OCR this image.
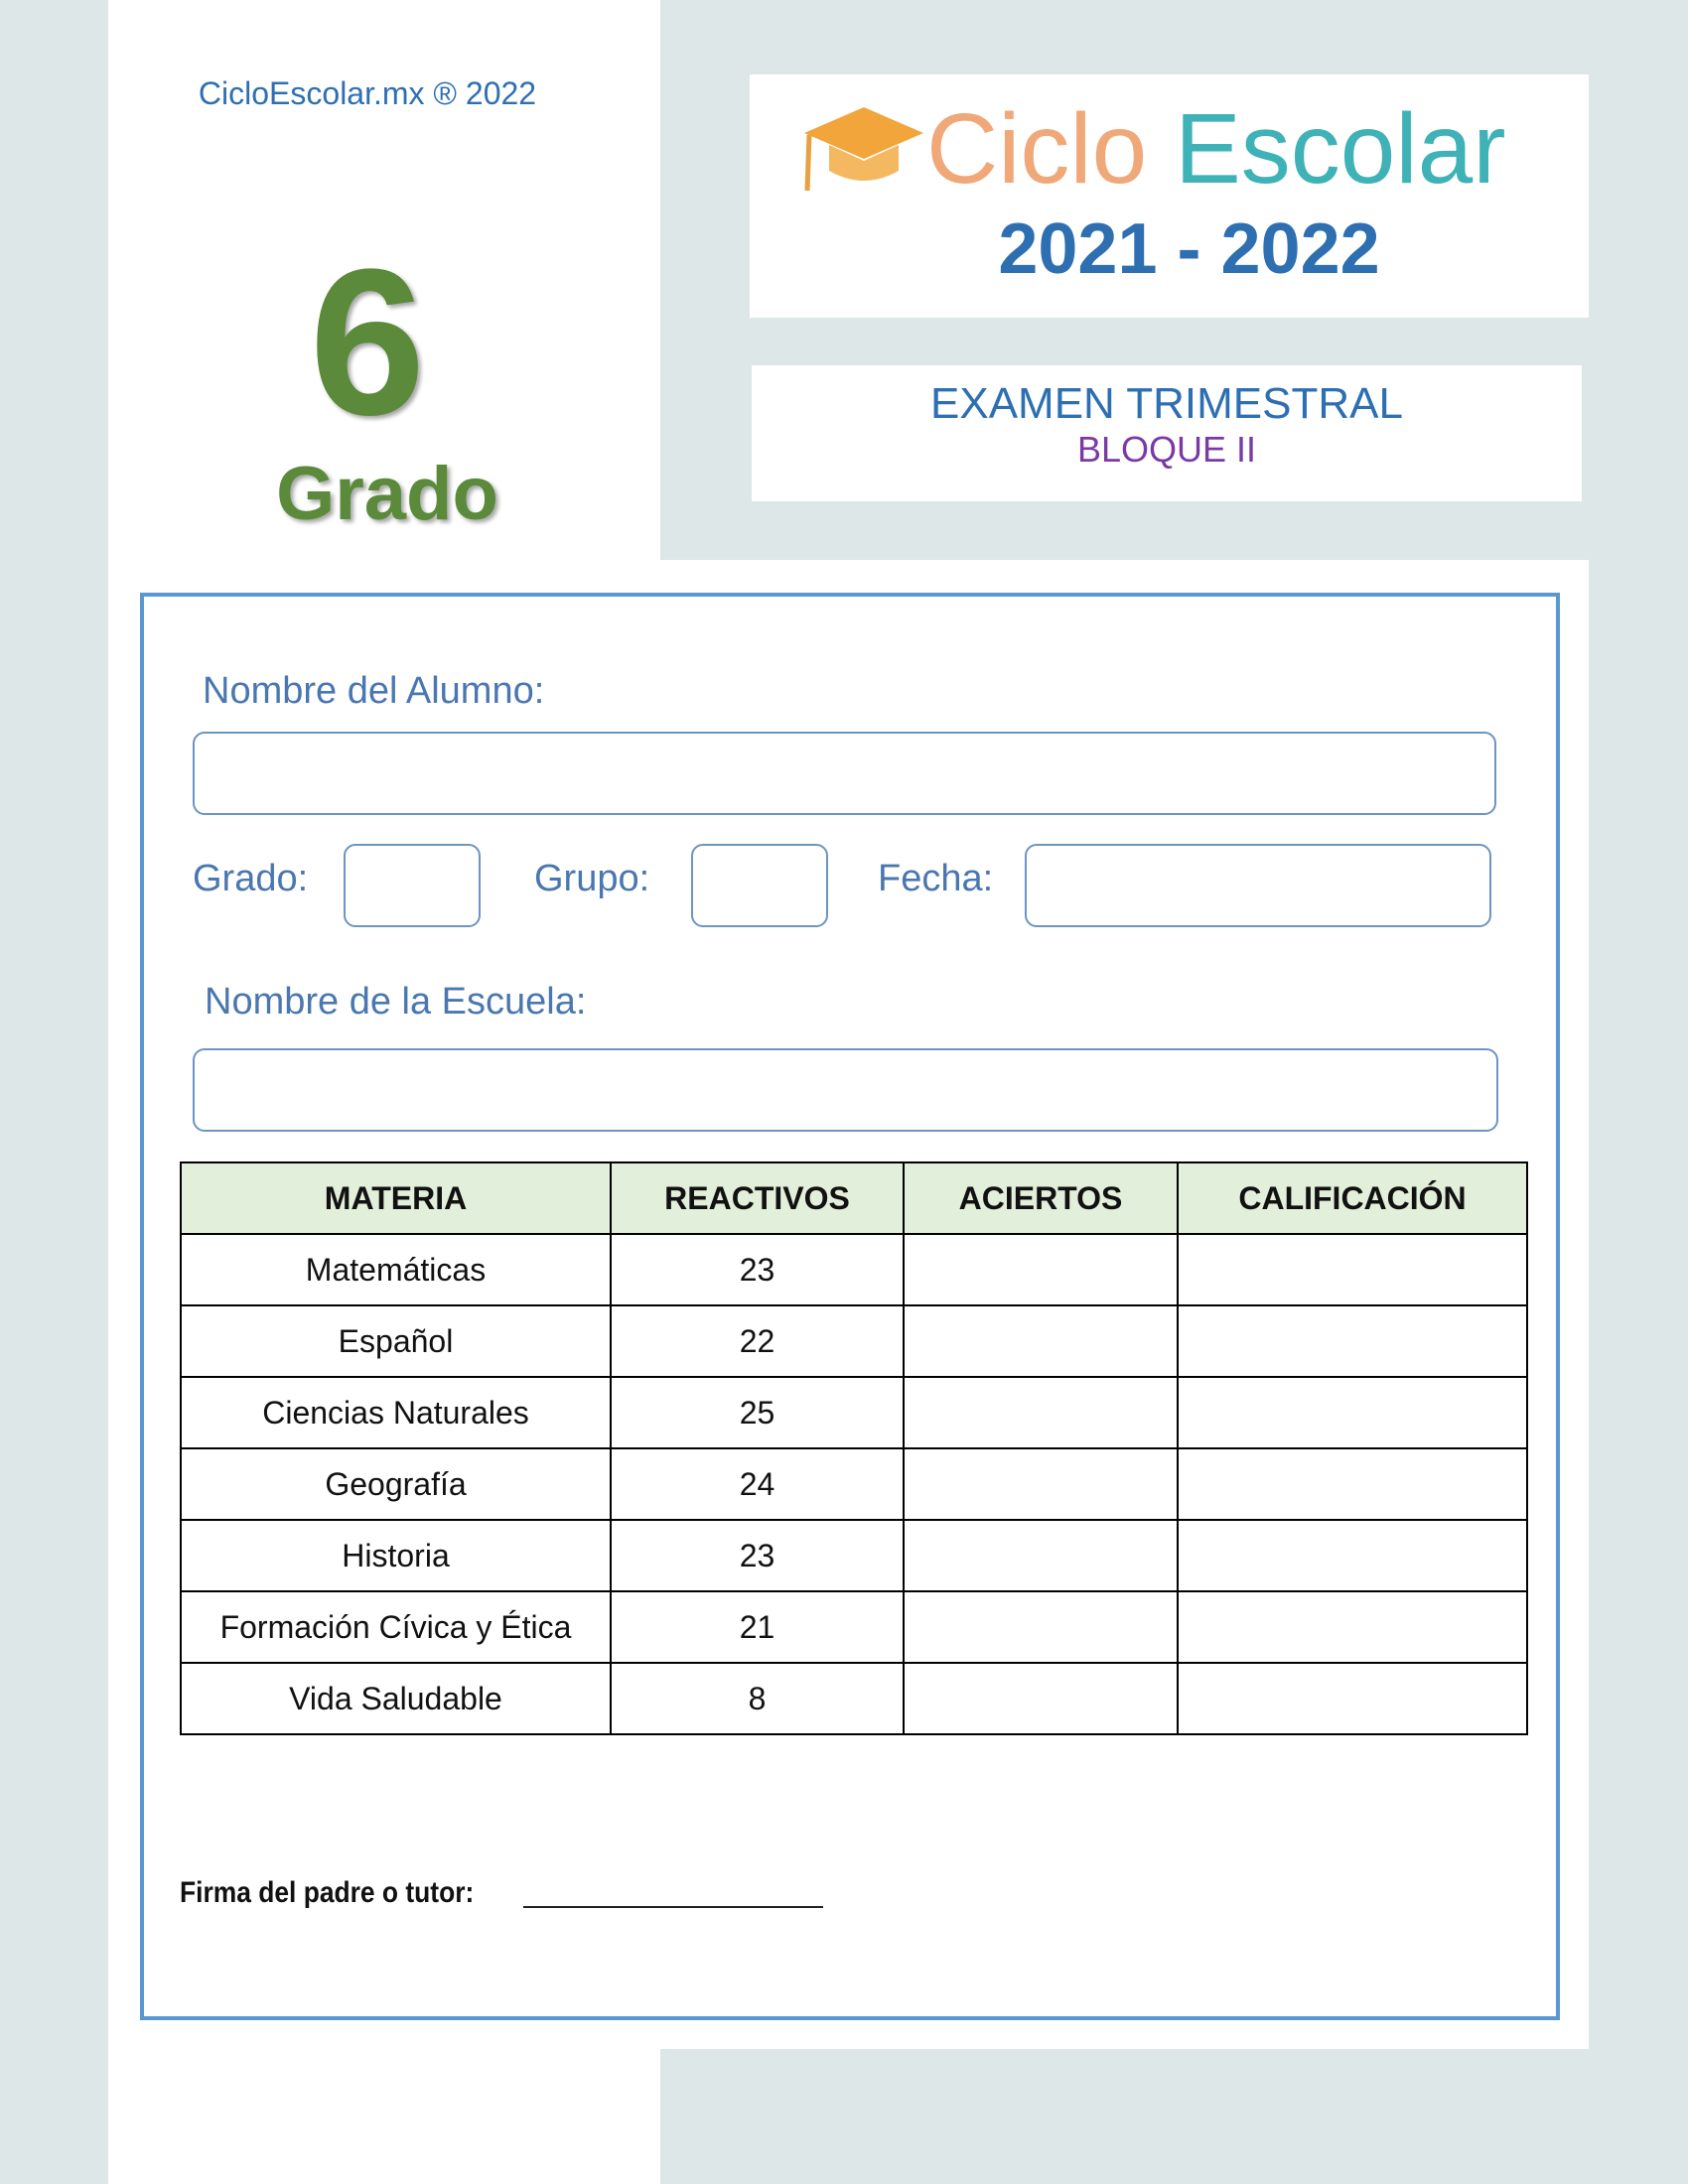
CicloEscolar.mx ® 2022
6
Grado
Ciclo Escolar
2021 - 2022
EXAMEN TRIMESTRAL
BLOQUE II
Nombre del Alumno:
Grado:	Grupo:	Fecha:
Nombre de la Escuela:
MATERIA	REACTIVOS	ACIERTOS	CALIFICACIÓN
Matemáticas	23		
Español	22		
Ciencias Naturales	25		
Geografía	24		
Historia	23		
Formación Cívica y Ética	21		
Vida Saludable	8		
Firma del padre o tutor:
